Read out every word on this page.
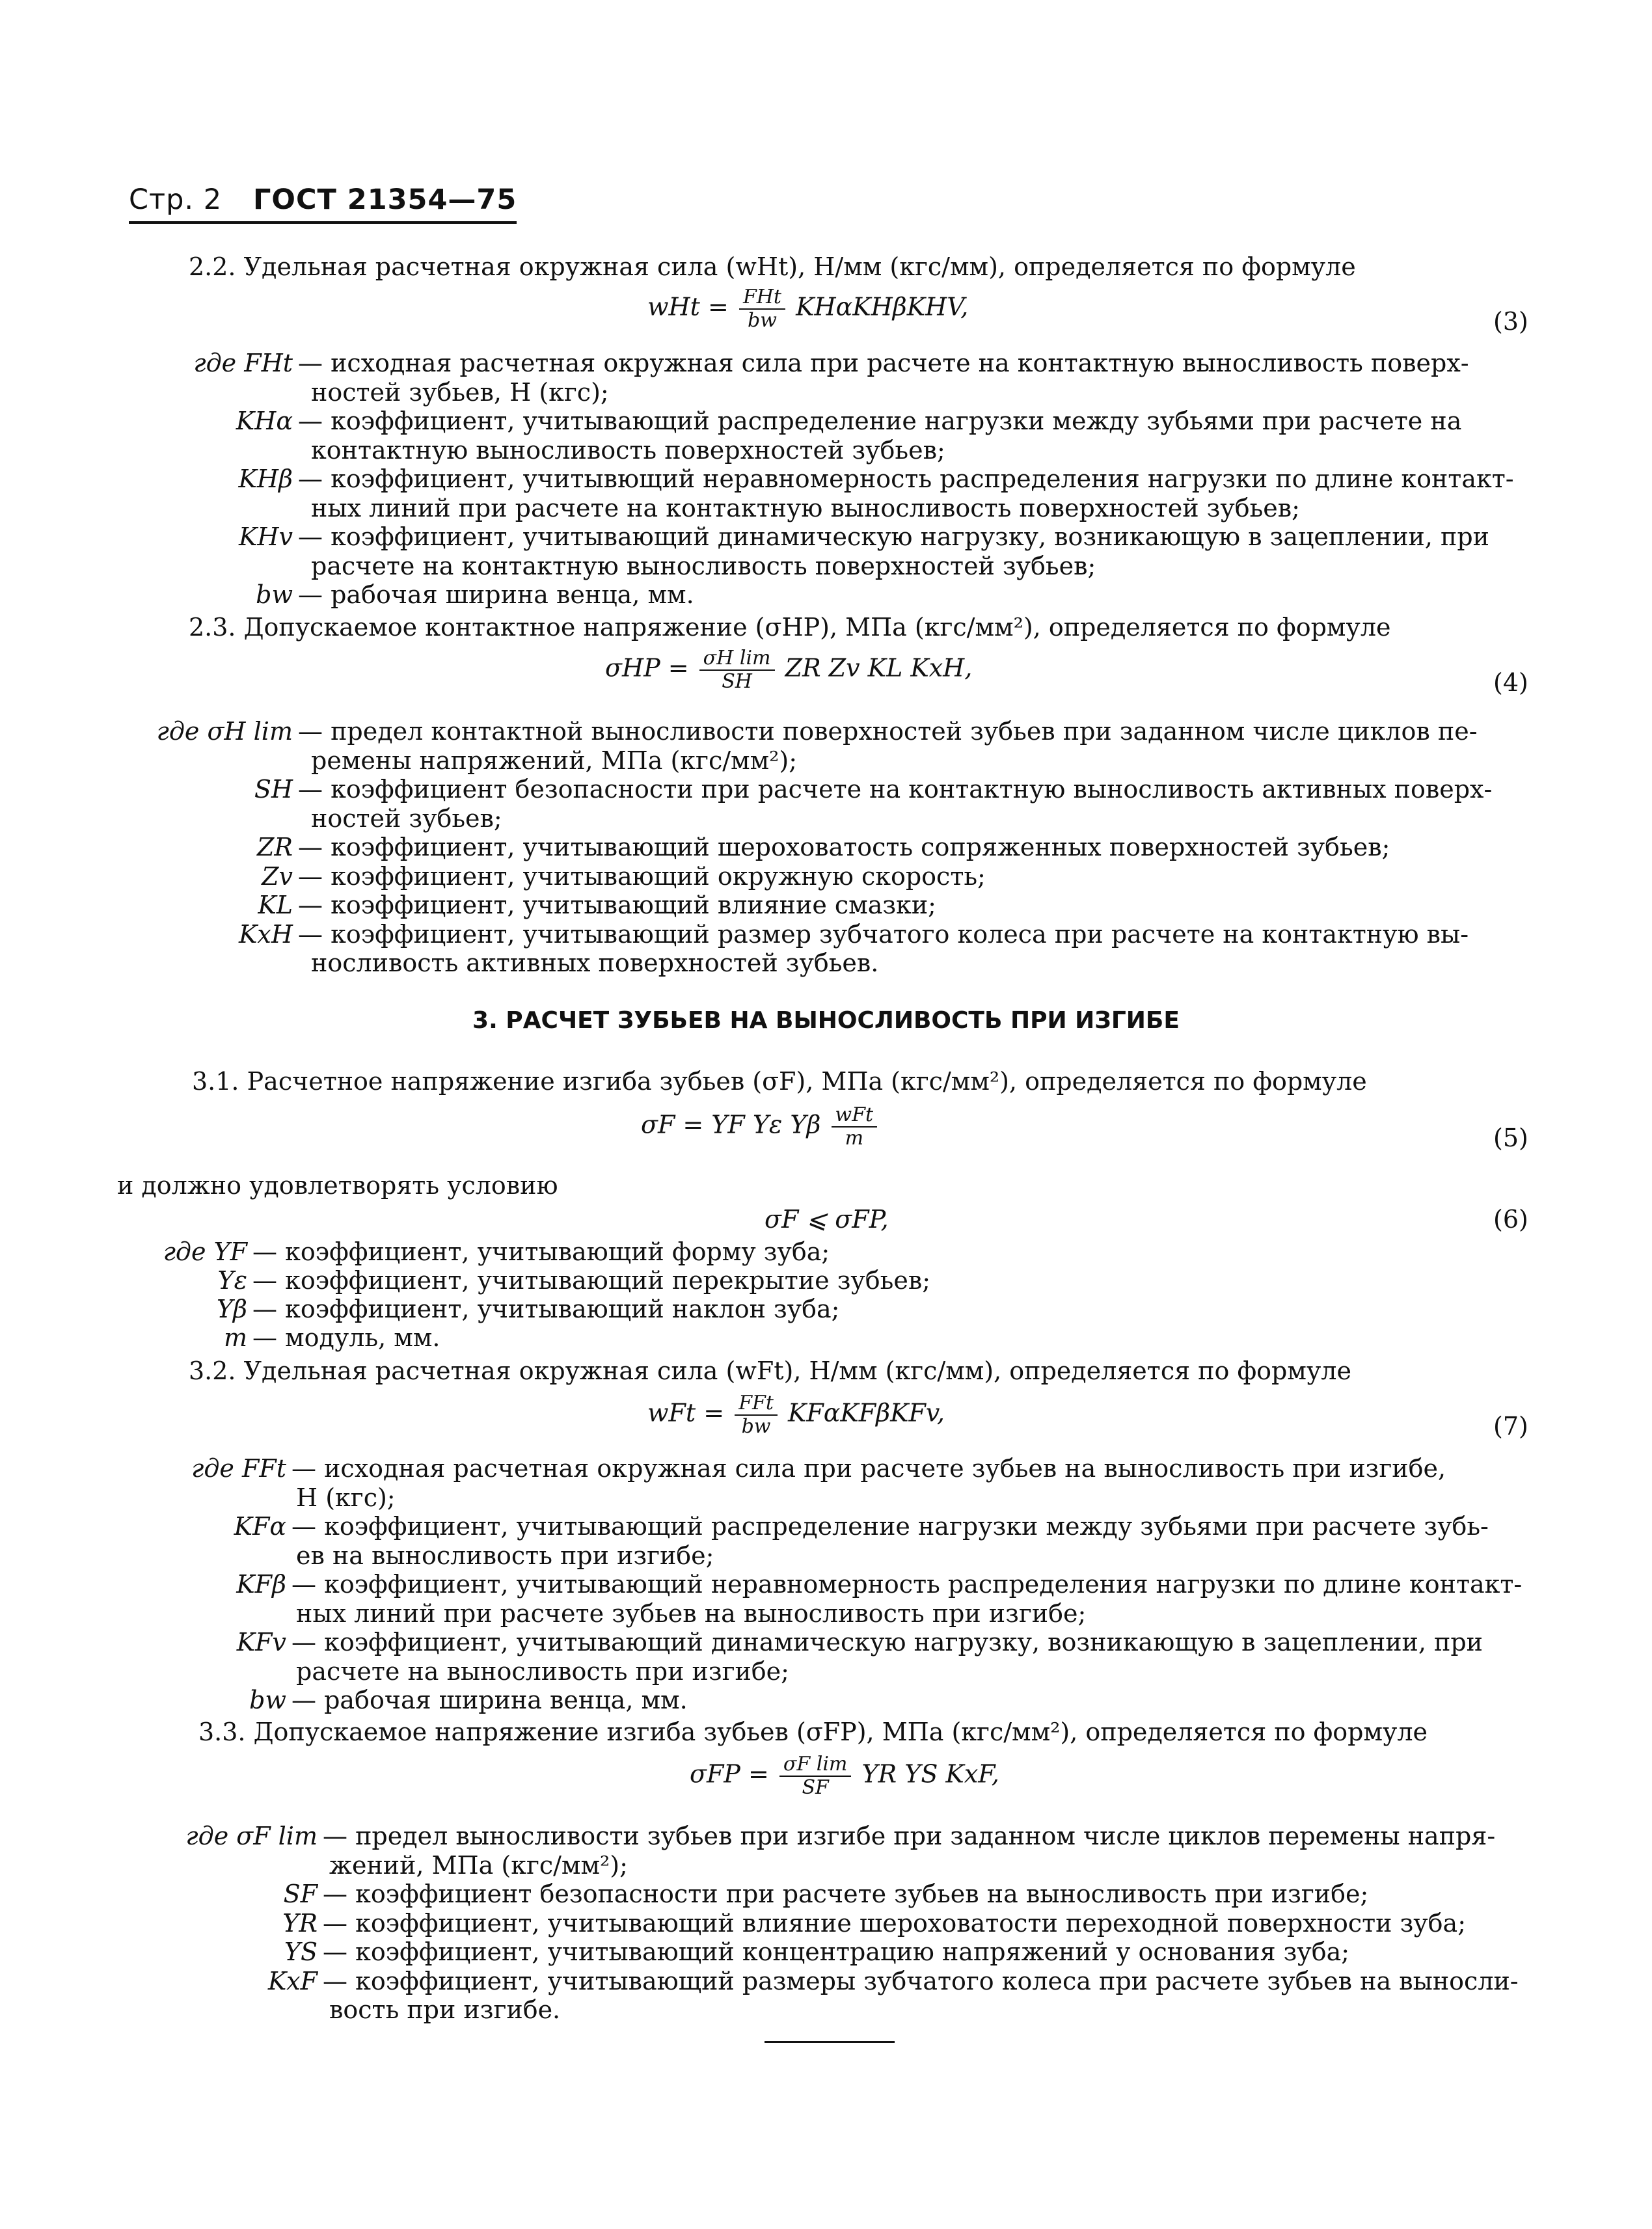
Стр. 2 ГОСТ 21354—75
2.2. Удельная расчетная окружная сила (wHt), Н/мм (кгс/мм), определяется по формуле
wHt = $\frac{\text{FHt}}{bw} KH\alpha KH\beta KHV$,
(3)
где FHt — исходная расчетная окружная сила при расчете на контактную выносливость поверх-
ностей зубьев, Н (кгс);
KHα — коэффициент, учитывающий распределение нагрузки между зубьями при расчете на
контактную выносливость поверхностей зубьев;
KHβ — коэффициент, учитывющий неравномерность распределения нагрузки по длине контакт-
ных линий при расчете на контактную выносливость поверхностей зубьев;
KHv — коэффициент, учитывающий динамическую нагрузку, возникающую в зацеплении, при
расчете на контактную выносливость поверхностей зубьев;
bw — рабочая ширина венца, мм.
2.3. Допускаемое контактное напряжение (σHP), МПа (кгс/мм²), определяется по формуле
$\sigma HP = \frac{\text{σH lim}}{SH}$ ZR Zv KL KxH,
(4)
где σH lim — предел контактной выносливости поверхностей зубьев при заданном числе циклов пе-
ремены напряжений, МПа (кгс/мм²);
SH — коэффициент безопасности при расчете на контактную выносливость активных поверх-
ностей зубьев;
ZR — коэффициент, учитывающий шероховатость сопряженных поверхностей зубьев;
Zv — коэффициент, учитывающий окружную скорость;
KL — коэффициент, учитывающий влияние смазки;
KxH — коэффициент, учитывающий размер зубчатого колеса при расчете на контактную вы-
носливость активных поверхностей зубьев.
3. РАСЧЕТ ЗУБЬЕВ НА ВЫНОСЛИВОСТЬ ПРИ ИЗГИБЕ
3.1. Расчетное напряжение изгиба зубьев (σF), МПа (кгс/мм²), определяется по формуле
σF = YF Yε Yβ $\frac{\text{wFt}}{m}$	(5)
и должно удовлетворять условию
σF ⩽ σFP,	(6)
где YF — коэффициент, учитывающий форму зуба;
Yε — коэффициент, учитывающий перекрытие зубьев;
Yβ — коэффициент, учитывающий наклон зуба;
m — модуль, мм.
3.2. Удельная расчетная окружная сила (wFt), Н/мм (кгс/мм), определяется по формуле
wFt = $\frac{\text{FFt}}{bw} KF\alpha KF\beta KFv$,	(7)
где FFt — исходная расчетная окружная сила при расчете зубьев на выносливость при изгибе,
Н (кгс);
KFα — коэффициент, учитывающий распределение нагрузки между зубьями при расчете зубь-
ев на выносливость при изгибе;
KFβ — коэффициент, учитывающий неравномерность распределения нагрузки по длине контакт-
ных линий при расчете зубьев на выносливость при изгибе;
KFv — коэффициент, учитывающий динамическую нагрузку, возникающую в зацеплении, при
расчете на выносливость при изгибе;
bw — рабочая ширина венца, мм.
3.3. Допускаемое напряжение изгиба зубьев (σFP), МПа (кгс/мм²), определяется по формуле
$\sigma FP = \frac{\text{σF lim}}{SF}$ YR YS KxF,
где σF lim — предел выносливости зубьев при изгибе при заданном числе циклов перемены напря-
жений, МПа (кгс/мм²);
SF — коэффициент безопасности при расчете зубьев на выносливость при изгибе;
YR — коэффициент, учитывающий влияние шероховатости переходной поверхности зуба;
YS — коэффициент, учитывающий концентрацию напряжений у основания зуба;
KxF — коэффициент, учитывающий размеры зубчатого колеса при расчете зубьев на выносли-
вость при изгибе.
